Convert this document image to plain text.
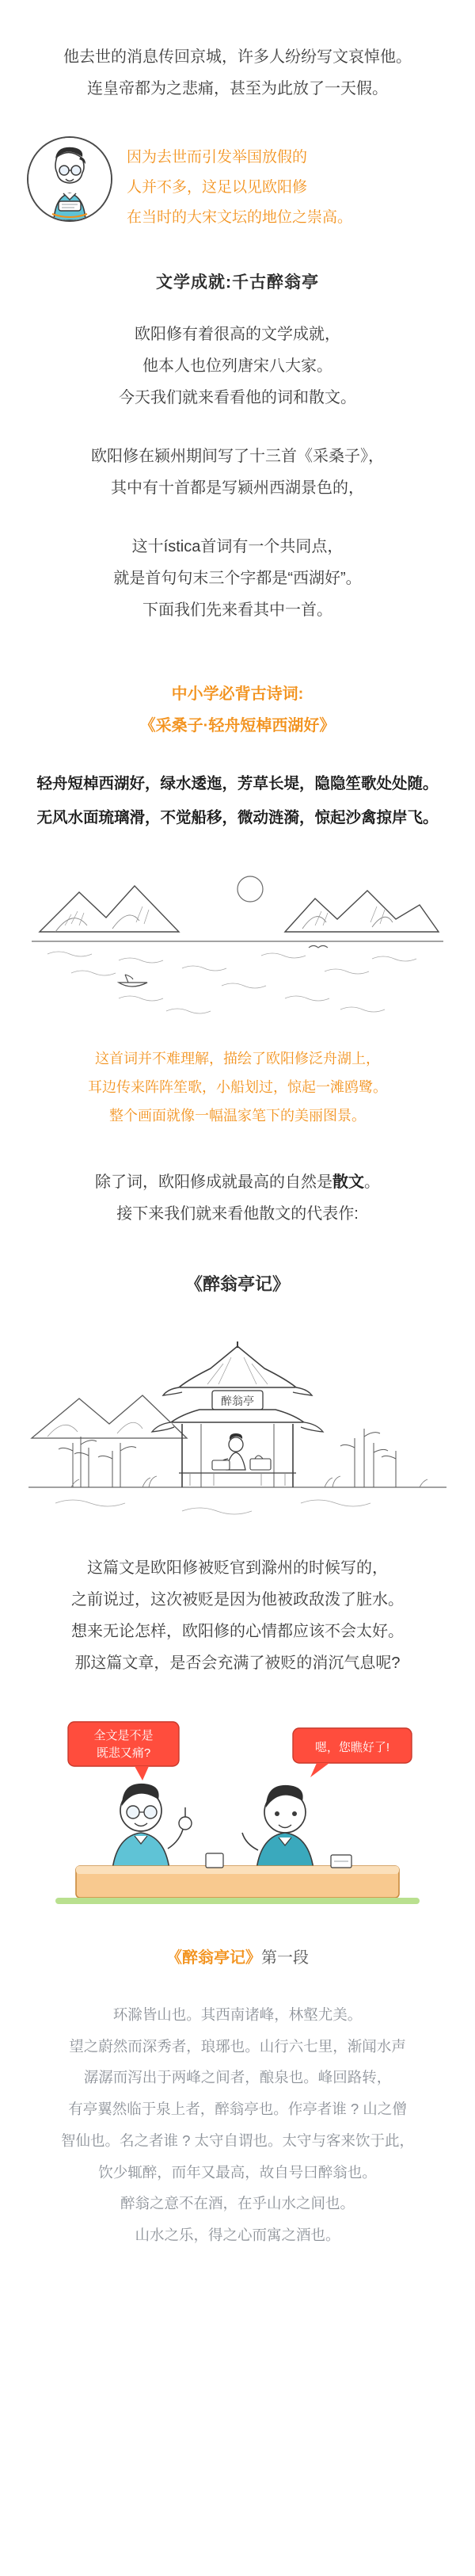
他去世的消息传回京城，许多人纷纷写文哀悼他。

连皇帝都为之悲痛，甚至为此放了一天假。

因为去世而引发举国放假的
人并不多，这足以见欧阳修
在当时的大宋文坛的地位之崇高。
文学成就:千古醉翁亭

欧阳修有着很高的文学成就，

他本人也位列唐宋八大家。

今天我们就来看看他的词和散文。

欧阳修在颍州期间写了十三首《采桑子》，

其中有十首都是写颍州西湖景色的，

这十ística首词有一个共同点，

就是首句句末三个字都是“西湖好”。

下面我们先来看其中一首。

中小学必背古诗词:
《采桑子·轻舟短棹西湖好》
轻舟短棹西湖好，绿水逶迤，芳草长堤，隐隐笙歌处处随。
无风水面琉璃滑，不觉船移，微动涟漪，惊起沙禽掠岸飞。
这首词并不难理解，描绘了欧阳修泛舟湖上，
耳边传来阵阵笙歌，小船划过，惊起一滩鸥鹭。
整个画面就像一幅温家笔下的美丽图景。

除了词，欧阳修成就最高的自然是散文。

接下来我们就来看他散文的代表作:

《醉翁亭记》
醉翁亭

这篇文是欧阳修被贬官到滁州的时候写的，

之前说过，这次被贬是因为他被政敌泼了脏水。

想来无论怎样，欧阳修的心情都应该不会太好。

那这篇文章，是否会充满了被贬的消沉气息呢?

全文是不是
既悲又痛?	嗯，您瞧好了!
《醉翁亭记》第一段
环滁皆山也。其西南诸峰，林壑尤美。
望之蔚然而深秀者，琅琊也。山行六七里，渐闻水声
潺潺而泻出于两峰之间者，酿泉也。峰回路转，
有亭翼然临于泉上者，醉翁亭也。作亭者谁 ? 山之僧
智仙也。名之者谁 ? 太守自谓也。太守与客来饮于此，
饮少辄醉，而年又最高，故自号曰醉翁也。
醉翁之意不在酒，在乎山水之间也。
山水之乐，得之心而寓之酒也。
